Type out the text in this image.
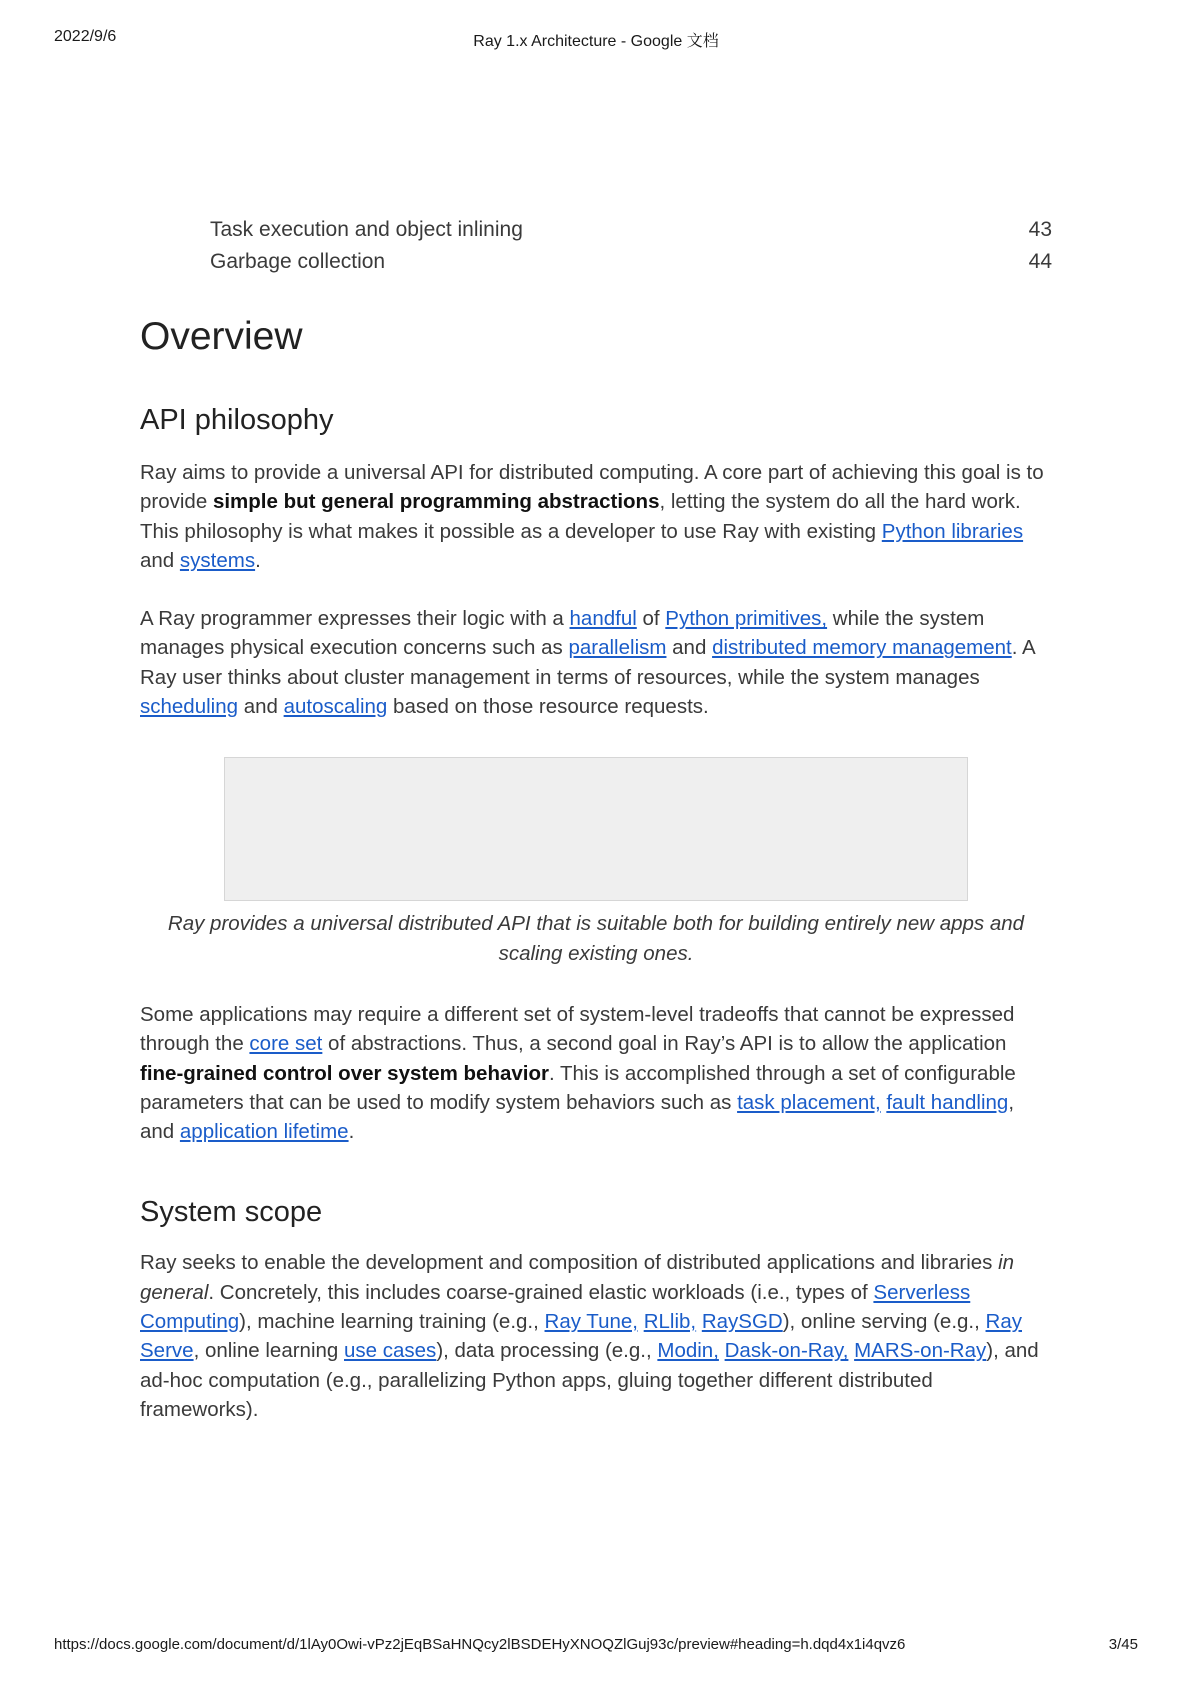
2022/9/6	Ray 1.x Architecture - Google 文档
Task execution and object inlining	43
Garbage collection	44
Overview
API philosophy

Ray aims to provide a universal API for distributed computing. A core part of achieving this goal is to provide simple but general programming abstractions, letting the system do all the hard work. This philosophy is what makes it possible as a developer to use Ray with existing Python libraries and systems.

A Ray programmer expresses their logic with a handful of Python primitives, while the system manages physical execution concerns such as parallelism and distributed memory management. A Ray user thinks about cluster management in terms of resources, while the system manages scheduling and autoscaling based on those resource requests.

Ray provides a universal distributed API that is suitable both for building entirely new apps and scaling existing ones.

Some applications may require a different set of system-level tradeoffs that cannot be expressed through the core set of abstractions. Thus, a second goal in Ray’s API is to allow the application fine-grained control over system behavior. This is accomplished through a set of configurable parameters that can be used to modify system behaviors such as task placement, fault handling, and application lifetime.

System scope

Ray seeks to enable the development and composition of distributed applications and libraries in general. Concretely, this includes coarse-grained elastic workloads (i.e., types of Serverless Computing), machine learning training (e.g., Ray Tune, RLlib, RaySGD), online serving (e.g., Ray Serve, online learning use cases), data processing (e.g., Modin, Dask-on-Ray, MARS-on-Ray), and ad-hoc computation (e.g., parallelizing Python apps, gluing together different distributed frameworks).

https://docs.google.com/document/d/1lAy0Owi-vPz2jEqBSaHNQcy2lBSDEHyXNOQZlGuj93c/preview#heading=h.dqd4x1i4qvz6	3/45
